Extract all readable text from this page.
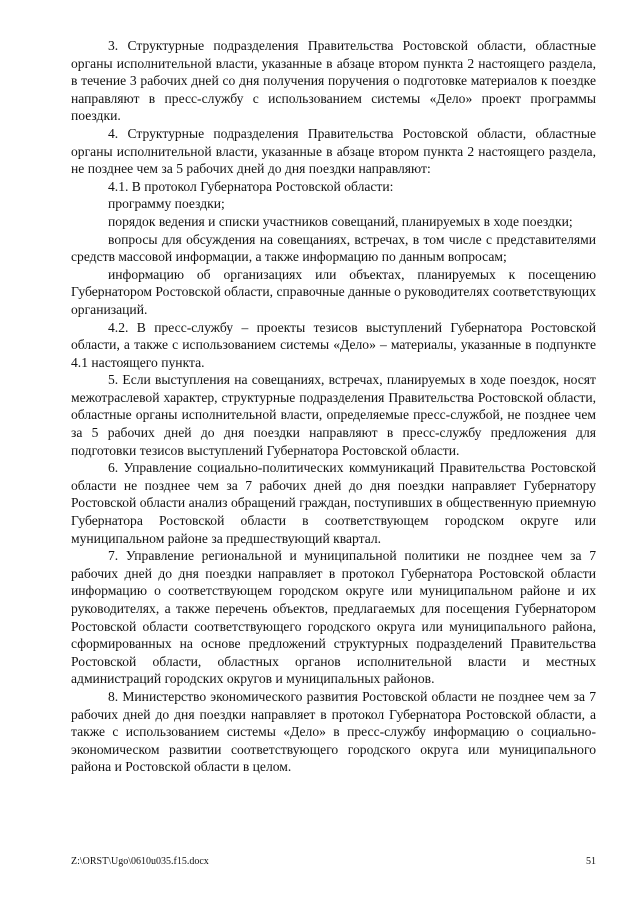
3. Структурные подразделения Правительства Ростовской области, областные органы исполнительной власти, указанные в абзаце втором пункта 2 настоящего раздела, в течение 3 рабочих дней со дня получения поручения о подготовке материалов к поездке направляют в пресс-службу с использованием системы «Дело» проект программы поездки.

4. Структурные подразделения Правительства Ростовской области, областные органы исполнительной власти, указанные в абзаце втором пункта 2 настоящего раздела, не позднее чем за 5 рабочих дней до дня поездки направляют:

4.1. В протокол Губернатора Ростовской области:

программу поездки;

порядок ведения и списки участников совещаний, планируемых в ходе поездки;

вопросы для обсуждения на совещаниях, встречах, в том числе с представителями средств массовой информации, а также информацию по данным вопросам;

информацию об организациях или объектах, планируемых к посещению Губернатором Ростовской области, справочные данные о руководителях соответствующих организаций.

4.2. В пресс-службу – проекты тезисов выступлений Губернатора Ростовской области, а также с использованием системы «Дело» – материалы, указанные в подпункте 4.1 настоящего пункта.

5. Если выступления на совещаниях, встречах, планируемых в ходе поездок, носят межотраслевой характер, структурные подразделения Правительства Ростовской области, областные органы исполнительной власти, определяемые пресс-службой, не позднее чем за 5 рабочих дней до дня поездки направляют в пресс-службу предложения для подготовки тезисов выступлений Губернатора Ростовской области.

6. Управление социально-политических коммуникаций Правительства Ростовской области не позднее чем за 7 рабочих дней до дня поездки направляет Губернатору Ростовской области анализ обращений граждан, поступивших в общественную приемную Губернатора Ростовской области в соответствующем городском округе или муниципальном районе за предшествующий квартал.

7. Управление региональной и муниципальной политики не позднее чем за 7 рабочих дней до дня поездки направляет в протокол Губернатора Ростовской области информацию о соответствующем городском округе или муниципальном районе и их руководителях, а также перечень объектов, предлагаемых для посещения Губернатором Ростовской области соответствующего городского округа или муниципального района, сформированных на основе предложений структурных подразделений Правительства Ростовской области, областных органов исполнительной власти и местных администраций городских округов и муниципальных районов.

8. Министерство экономического развития Ростовской области не позднее чем за 7 рабочих дней до дня поездки направляет в протокол Губернатора Ростовской области, а также с использованием системы «Дело» в пресс-службу информацию о социально-экономическом развитии соответствующего городского округа или муниципального района и Ростовской области в целом.

Z:\ORST\Ugo\0610u035.f15.docx	51
